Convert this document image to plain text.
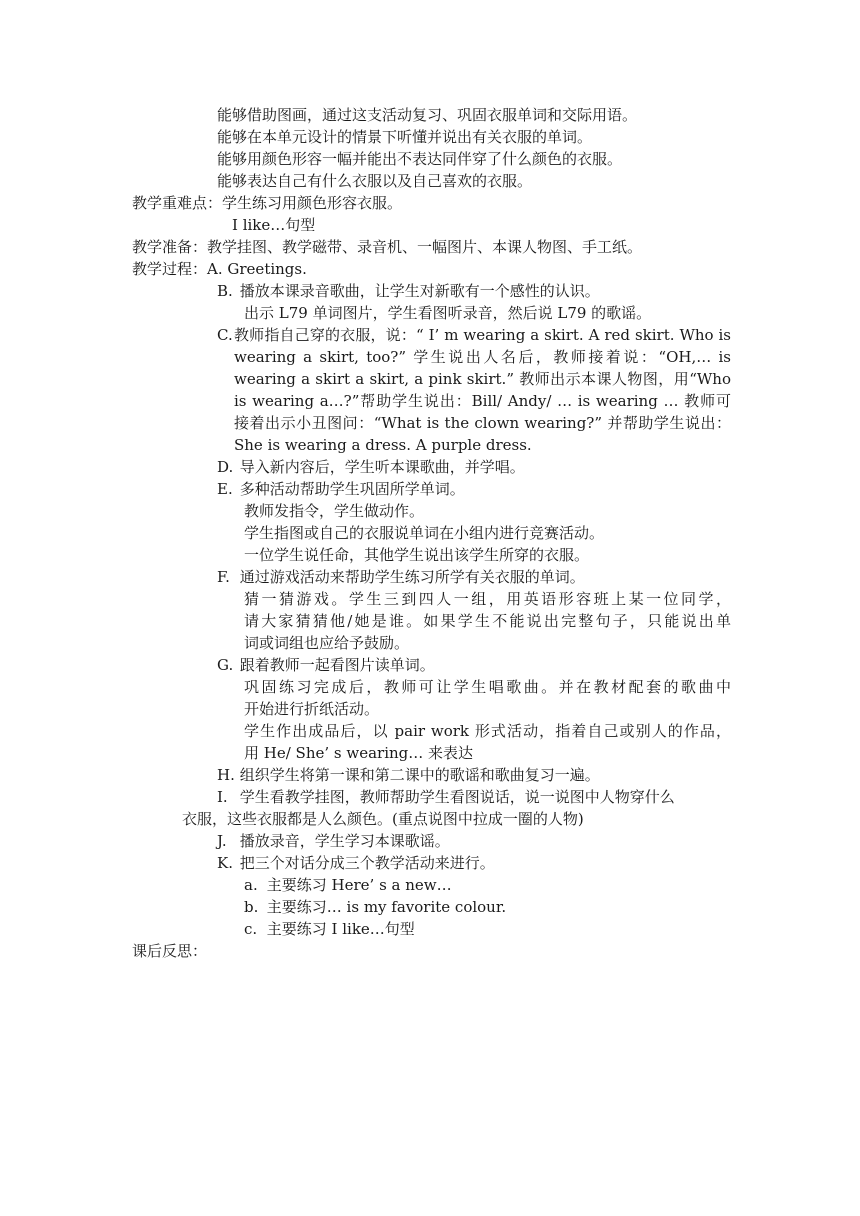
能够借助图画，通过这支活动复习、巩固衣服单词和交际用语。
能够在本单元设计的情景下听懂并说出有关衣服的单词。
能够用颜色形容一幅并能出不表达同伴穿了什么颜色的衣服。
能够表达自己有什么衣服以及自己喜欢的衣服。
教学重难点：学生练习用颜色形容衣服。
I like…句型
教学准备：教学挂图、教学磁带、录音机、一幅图片、本课人物图、手工纸。
教学过程：A. Greetings.
B. 播放本课录音歌曲，让学生对新歌有一个感性的认识。
出示 L79 单词图片，学生看图听录音，然后说 L79 的歌谣。
C. 教师指自己穿的衣服，说：“ I’ m wearing a skirt. A red skirt. Who is
wearing a skirt, too?” 学生说出人名后，教师接着说：“OH,… is
wearing a skirt a skirt, a pink skirt.” 教师出示本课人物图，用“Who
is wearing a…?”帮助学生说出：Bill/ Andy/ … is wearing … 教师可
接着出示小丑图问：“What is the clown wearing?” 并帮助学生说出：
She is wearing a dress. A purple dress.
D. 导入新内容后，学生听本课歌曲，并学唱。
E. 多种活动帮助学生巩固所学单词。
教师发指令，学生做动作。
学生指图或自己的衣服说单词在小组内进行竞赛活动。
一位学生说任命，其他学生说出该学生所穿的衣服。
F. 通过游戏活动来帮助学生练习所学有关衣服的单词。
猜一猜游戏。学生三到四人一组，用英语形容班上某一位同学，
请大家猜猜他/她是谁。如果学生不能说出完整句子，只能说出单
词或词组也应给予鼓励。
G. 跟着教师一起看图片读单词。
巩固练习完成后，教师可让学生唱歌曲。并在教材配套的歌曲中
开始进行折纸活动。
学生作出成品后，以 pair work 形式活动，指着自己或别人的作品，
用 He/ She’ s wearing… 来表达
H. 组织学生将第一课和第二课中的歌谣和歌曲复习一遍。
I. 学生看教学挂图，教师帮助学生看图说话，说一说图中人物穿什么
衣服，这些衣服都是人么颜色。(重点说图中拉成一圈的人物)
J. 播放录音，学生学习本课歌谣。
K. 把三个对话分成三个教学活动来进行。
a. 主要练习 Here’ s a new…
b. 主要练习… is my favorite colour.
c. 主要练习 I like…句型
课后反思：
